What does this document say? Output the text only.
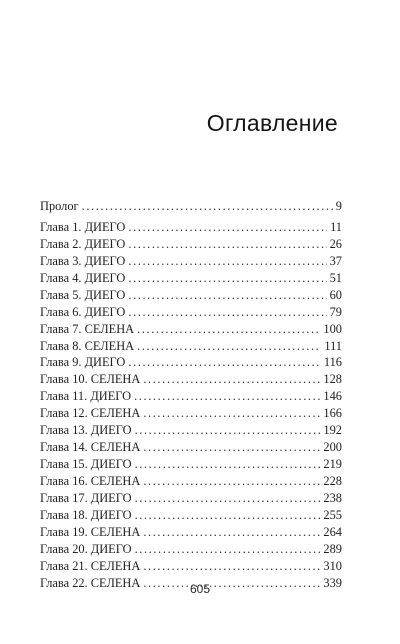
Оглавление
Пролог .....	9
Глава 1. ДИЕГО .....	11
Глава 2. ДИЕГО .....	26
Глава 3. ДИЕГО .....	37
Глава 4. ДИЕГО .....	51
Глава 5. ДИЕГО .....	60
Глава 6. ДИЕГО .....	79
Глава 7. СЕЛЕНА .....	100
Глава 8. СЕЛЕНА .....	111
Глава 9. ДИЕГО .....	116
Глава 10. СЕЛЕНА .....	128
Глава 11. ДИЕГО .....	146
Глава 12. СЕЛЕНА .....	166
Глава 13. ДИЕГО .....	192
Глава 14. СЕЛЕНА .....	200
Глава 15. ДИЕГО .....	219
Глава 16. СЕЛЕНА .....	228
Глава 17. ДИЕГО .....	238
Глава 18. ДИЕГО .....	255
Глава 19. СЕЛЕНА .....	264
Глава 20. ДИЕГО .....	289
Глава 21. СЕЛЕНА .....	310
Глава 22. СЕЛЕНА .....	339
605
